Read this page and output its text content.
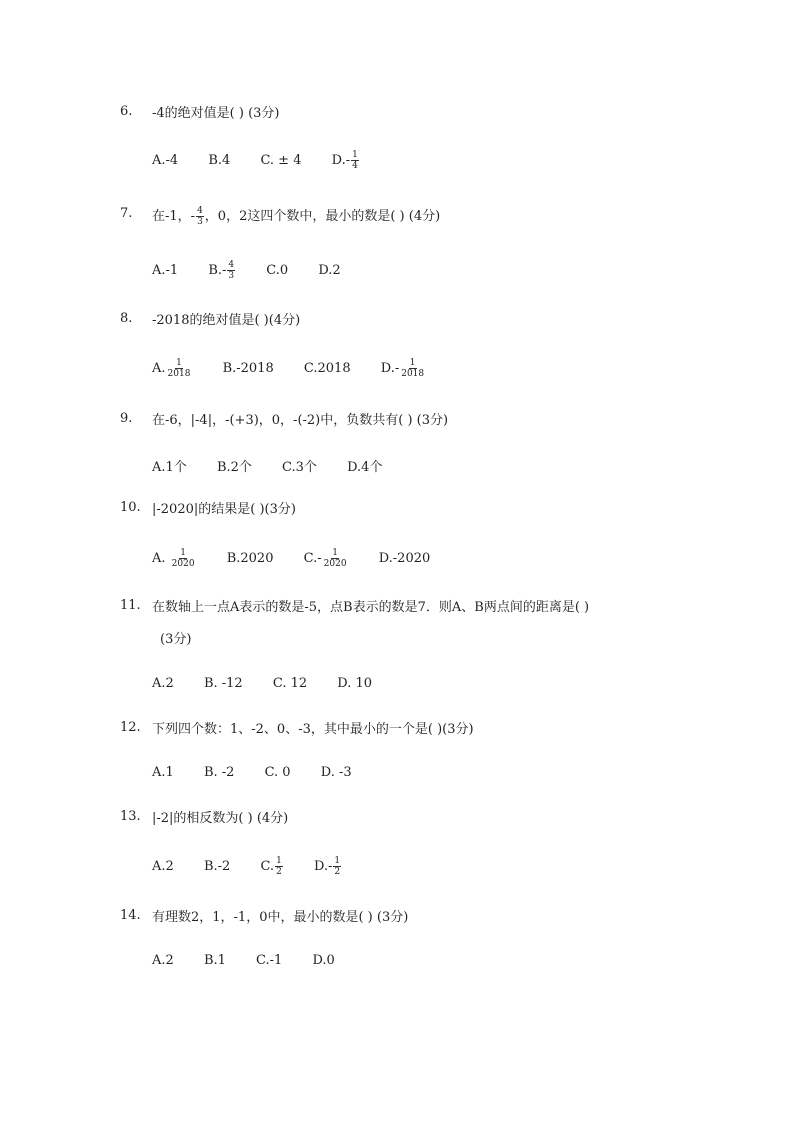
6.	-4的绝对值是( ) (3分)
A.-4 B.4 C. ± 4 $D.- \frac{1}{4}$
7.	在-1，- $\frac{4}{3}$ ，0，2这四个数中，最小的数是( ) (4分)
A.-1 $B.- \frac{4}{3} C.0$ D.2
8.	-2018的绝对值是( )(4分)
A. $\frac{1}{2018} B.-2018$ C.2018 $D.- \frac{1}{2018}$
9.	在-6，|-4|，-(+3)，0，-(-2)中，负数共有( ) (3分)
A.1个 B.2个 C.3个 D.4个
10. |-2020|的结果是( )(3分)
A. $\frac{1}{2020} B.2020$ $C.- \frac{1}{2020} D.-2020$
11. 在数轴上一点A表示的数是-5，点B表示的数是7．则A、B两点间的距离是( )
(3分)
A.2 B. -12 C. 12 D. 10
12. 下列四个数：1、-2、0、-3，其中最小的一个是( )(3分)
A.1 B. -2 C. 0 D. -3
13. |-2|的相反数为( ) (4分)
A.2 B.-2 C. $\frac{1}{2} D.- \frac{1}{2}$
14. 有理数2，1，-1，0中，最小的数是( ) (3分)
A.2 B.1 C.-1 D.0
